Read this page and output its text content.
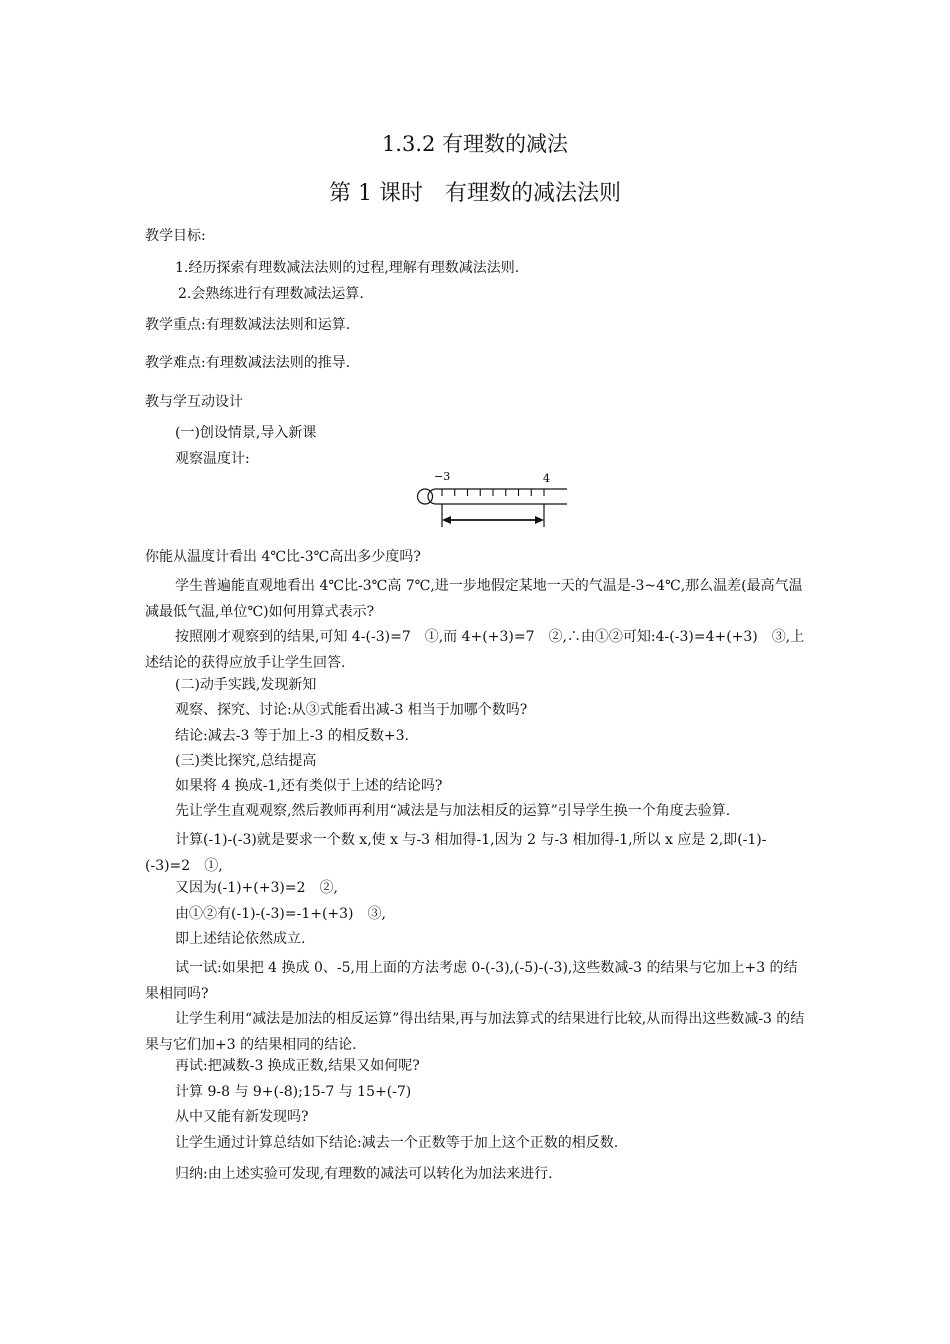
1.3.2 有理数的减法
第 1 课时　有理数的减法法则
教学目标:
1.经历探索有理数减法法则的过程,理解有理数减法法则.
2.会熟练进行有理数减法运算.
教学重点:有理数减法法则和运算.
教学难点:有理数减法法则的推导.
教与学互动设计
(一)创设情景,导入新课
观察温度计:
−3	4
你能从温度计看出 4℃比-3℃高出多少度吗?
学生普遍能直观地看出 4℃比-3℃高 7℃,进一步地假定某地一天的气温是-3~4℃,那么温差(最高气温减最低气温,单位℃)如何用算式表示?
按照刚才观察到的结果,可知 4-(-3)=7　①,而 4+(+3)=7　②,∴由①②可知:4-(-3)=4+(+3)　③,上述结论的获得应放手让学生回答.
(二)动手实践,发现新知
观察、探究、讨论:从③式能看出减-3 相当于加哪个数吗?
结论:减去-3 等于加上-3 的相反数+3.
(三)类比探究,总结提高
如果将 4 换成-1,还有类似于上述的结论吗?
先让学生直观观察,然后教师再利用“减法是与加法相反的运算”引导学生换一个角度去验算.
计算(-1)-(-3)就是要求一个数 x,使 x 与-3 相加得-1,因为 2 与-3 相加得-1,所以 x 应是 2,即(-1)-(-3)=2　①,
又因为(-1)+(+3)=2　②,
由①②有(-1)-(-3)=-1+(+3)　③,
即上述结论依然成立.
试一试:如果把 4 换成 0、-5,用上面的方法考虑 0-(-3),(-5)-(-3),这些数减-3 的结果与它加上+3 的结果相同吗?
让学生利用“减法是加法的相反运算”得出结果,再与加法算式的结果进行比较,从而得出这些数减-3 的结果与它们加+3 的结果相同的结论.
再试:把减数-3 换成正数,结果又如何呢?
计算 9-8 与 9+(-8);15-7 与 15+(-7)
从中又能有新发现吗?
让学生通过计算总结如下结论:减去一个正数等于加上这个正数的相反数.
归纳:由上述实验可发现,有理数的减法可以转化为加法来进行.
